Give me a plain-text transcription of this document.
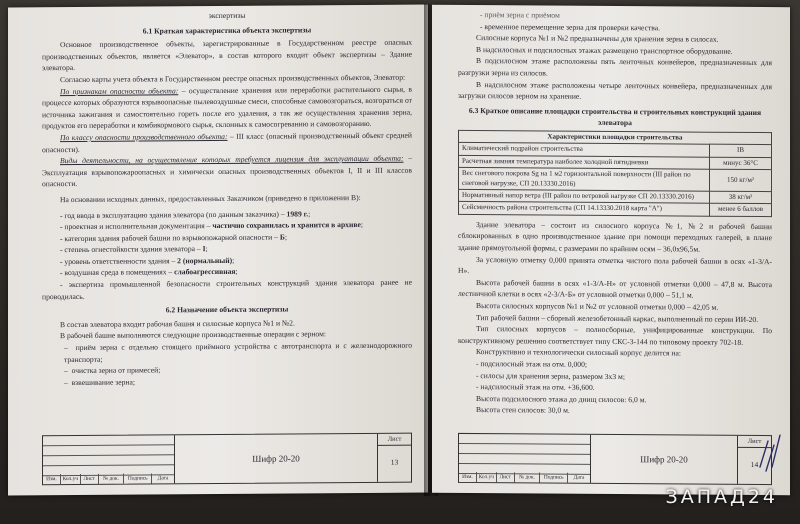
экспертизы

6.1 Краткая характеристика объекта экспертизы

Основное производственное объекты, зарегистрированные в Государственном реестре опасных производственных объектов, является «Элеватор», в состав которого входит объект экспертизы – Здание элеватора.

Согласно карты учета объекта в Государственном реестре опасных производственных объектов, Элеватор:

По признакам опасности объекта: – осуществление хранения или переработки растительного сырья, в процессе которых образуются взрывоопасные пылевоздушные смеси, способные самовозгораться, возгораться от источника зажигания и самостоятельно гореть после его удаления, а так же осуществления хранения зерна, продуктов его переработки и комбикормового сырья, склонных к самосогреванию и самовозгоранию.

По классу опасности производственного объекта: – III класс (опасный производственный объект средней опасности).

Виды деятельности, на осуществление которых требуется лицензия для эксплуатации объекта: – Эксплуатация взрывопожароопасных и химически опасных производственных объектов I, II и III классов опасности.

На основании исходных данных, предоставленных Заказчиком (приведено в приложении В):

- год ввода в эксплуатацию здания элеватора (по данным заказчика) – 1989 г.;

- проектная и исполнительная документация – частично сохранилась и хранится в архиве;

- категория здания рабочей башни по взрывопожарной опасности – Б;

- степень огнестойкости здания элеватора – I;

- уровень ответственности здания – 2 (нормальный);

- воздушная среда в помещениях – слабоагрессивная;

- экспертиза промышленной безопасности строительных конструкций здания элеватора ранее не проводилась.

6.2 Назначение объекта экспертизы

В состав элеватора входит рабочая башня и силосные корпуса №1 и №2.

В рабочей башне выполняются следующие производственные операции с зерном:

–  приём зерна с отдельно стоящего приёмного устройства с автотранспорта и с железнодорожного транспорта;

–  очистка зерна от примесей;

–  взвешивание зерна;

Изм.	Кол.уч	Лист	№ док.	Подпись	Дата
Шифр 20-20
Лист
13

- приём зерна с приёмом

- временное перемещение зерна для проверки качества.

Силосные корпуса №1 и №2 предназначены для хранения зерна в силосах.

В надсилосных и подсилосных этажах размещено транспортное оборудование.

В подсилосном этаже расположены пять ленточных конвейеров, предназначенных для разгрузки зерна из силосов.

В надсилосном этаже расположены четыре ленточных конвейера, предназначенных для загрузки силосов зерном на хранение.

6.3 Краткое описание площадки строительства и строительных конструкций здания элеватора

Характеристики площадки строительства	
Климатический подрайон строительства	IВ
Расчетная зимняя температура наиболее холодной пятидневки	минус 36°С
Вес снегового покрова Sg на 1 м2 горизонтальной поверхности (III район по снеговой нагрузке, СП 20.13330.2016)	150 кг/м²
Нормативный напор ветра (III район по ветровой нагрузке СП 20.13330.2016)	38 кг/м²
Сейсмичность района строительства (СП 14.13330.2018 карта "А")	менее 6 баллов

Здание элеватора – состоит из силосного корпуса №1, №2 и рабочей башни сблокированных в одно производственное здание при помощи переходных галерей, в плане здание прямоугольной формы, с размерами по крайним осям – 36,0х96,5м.

За условную отметку 0,000 принята отметка чистого пола рабочей башни в осях «1-3/А-Н».

Высота рабочей башни в осях «1-3/А-Н» от условной отметки 0,000 – 47,8 м. Высота лестничной клетки в осях «2-3/А-Б» от условной отметки 0,000 – 51,1 м.

Высота силосных корпусов №1 и №2 от условной отметки 0,000 – 42,05 м.

Тип рабочей башни – сборный железобетонный каркас, выполненный по серии ИИ-20.

Тип силосных корпусов – полносборные, унифицированные конструкции. По конструктивному решению соответствует типу СКС-3-144 по типовому проекту 702-18.

Конструктивно и технологически силосный корпус делится на:

- подсилосный этаж на отм. 0,000;

- силосы для хранения зерна, размером 3х3 м;

- надсилосный этаж на отм. +36,600.

Высота подсилосного этажа до днищ силосов: 6,0 м.

Высота стен силосов: 30,0 м.

Изм.	Кол.уч	Лист	№ док.	Подпись	Дата
Шифр 20-20
Лист
14
ЗАПАД24
